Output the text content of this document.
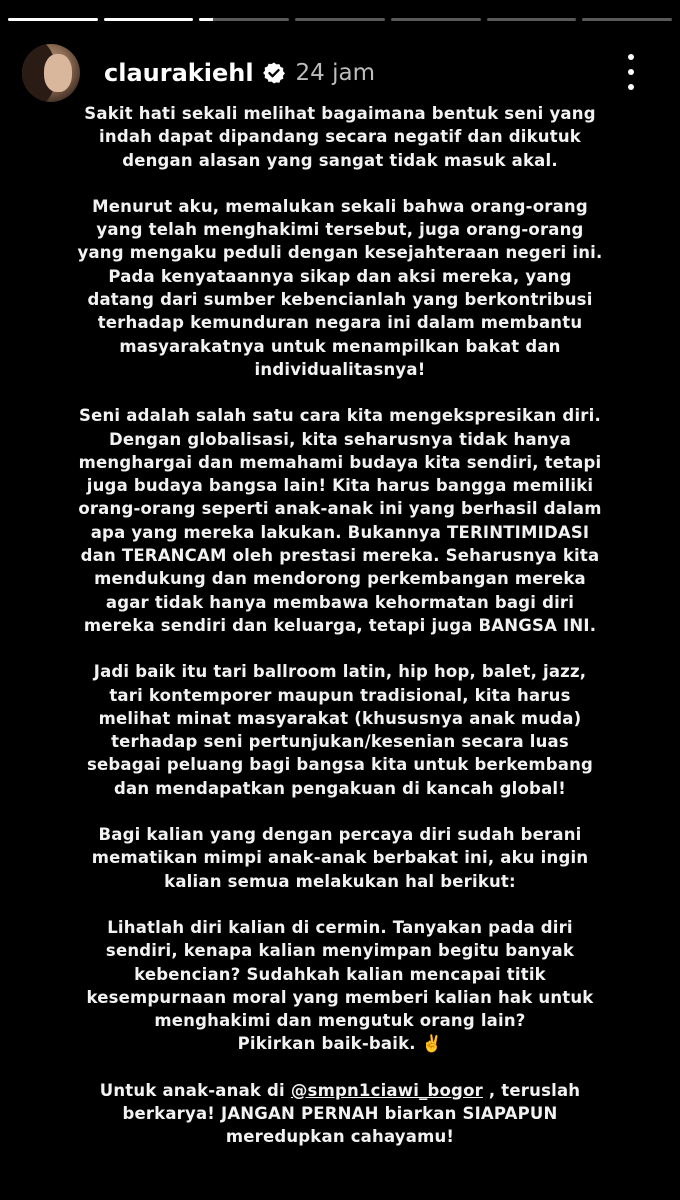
claurakiehl 24 jam

Sakit hati sekali melihat bagaimana bentuk seni yang
indah dapat dipandang secara negatif dan dikutuk
dengan alasan yang sangat tidak masuk akal.

Menurut aku, memalukan sekali bahwa orang-orang
yang telah menghakimi tersebut, juga orang-orang
yang mengaku peduli dengan kesejahteraan negeri ini.
Pada kenyataannya sikap dan aksi mereka, yang
datang dari sumber kebencianlah yang berkontribusi
terhadap kemunduran negara ini dalam membantu
masyarakatnya untuk menampilkan bakat dan
individualitasnya!

Seni adalah salah satu cara kita mengekspresikan diri.
Dengan globalisasi, kita seharusnya tidak hanya
menghargai dan memahami budaya kita sendiri, tetapi
juga budaya bangsa lain! Kita harus bangga memiliki
orang-orang seperti anak-anak ini yang berhasil dalam
apa yang mereka lakukan. Bukannya TERINTIMIDASI
dan TERANCAM oleh prestasi mereka. Seharusnya kita
mendukung dan mendorong perkembangan mereka
agar tidak hanya membawa kehormatan bagi diri
mereka sendiri dan keluarga, tetapi juga BANGSA INI.

Jadi baik itu tari ballroom latin, hip hop, balet, jazz,
tari kontemporer maupun tradisional, kita harus
melihat minat masyarakat (khususnya anak muda)
terhadap seni pertunjukan/kesenian secara luas
sebagai peluang bagi bangsa kita untuk berkembang
dan mendapatkan pengakuan di kancah global!

Bagi kalian yang dengan percaya diri sudah berani
mematikan mimpi anak-anak berbakat ini, aku ingin
kalian semua melakukan hal berikut:

Lihatlah diri kalian di cermin. Tanyakan pada diri
sendiri, kenapa kalian menyimpan begitu banyak
kebencian? Sudahkah kalian mencapai titik
kesempurnaan moral yang memberi kalian hak untuk
menghakimi dan mengutuk orang lain?
Pikirkan baik-baik. ✌️

Untuk anak-anak di @smpn1ciawi_bogor , teruslah
berkarya! JANGAN PERNAH biarkan SIAPAPUN
meredupkan cahayamu!
